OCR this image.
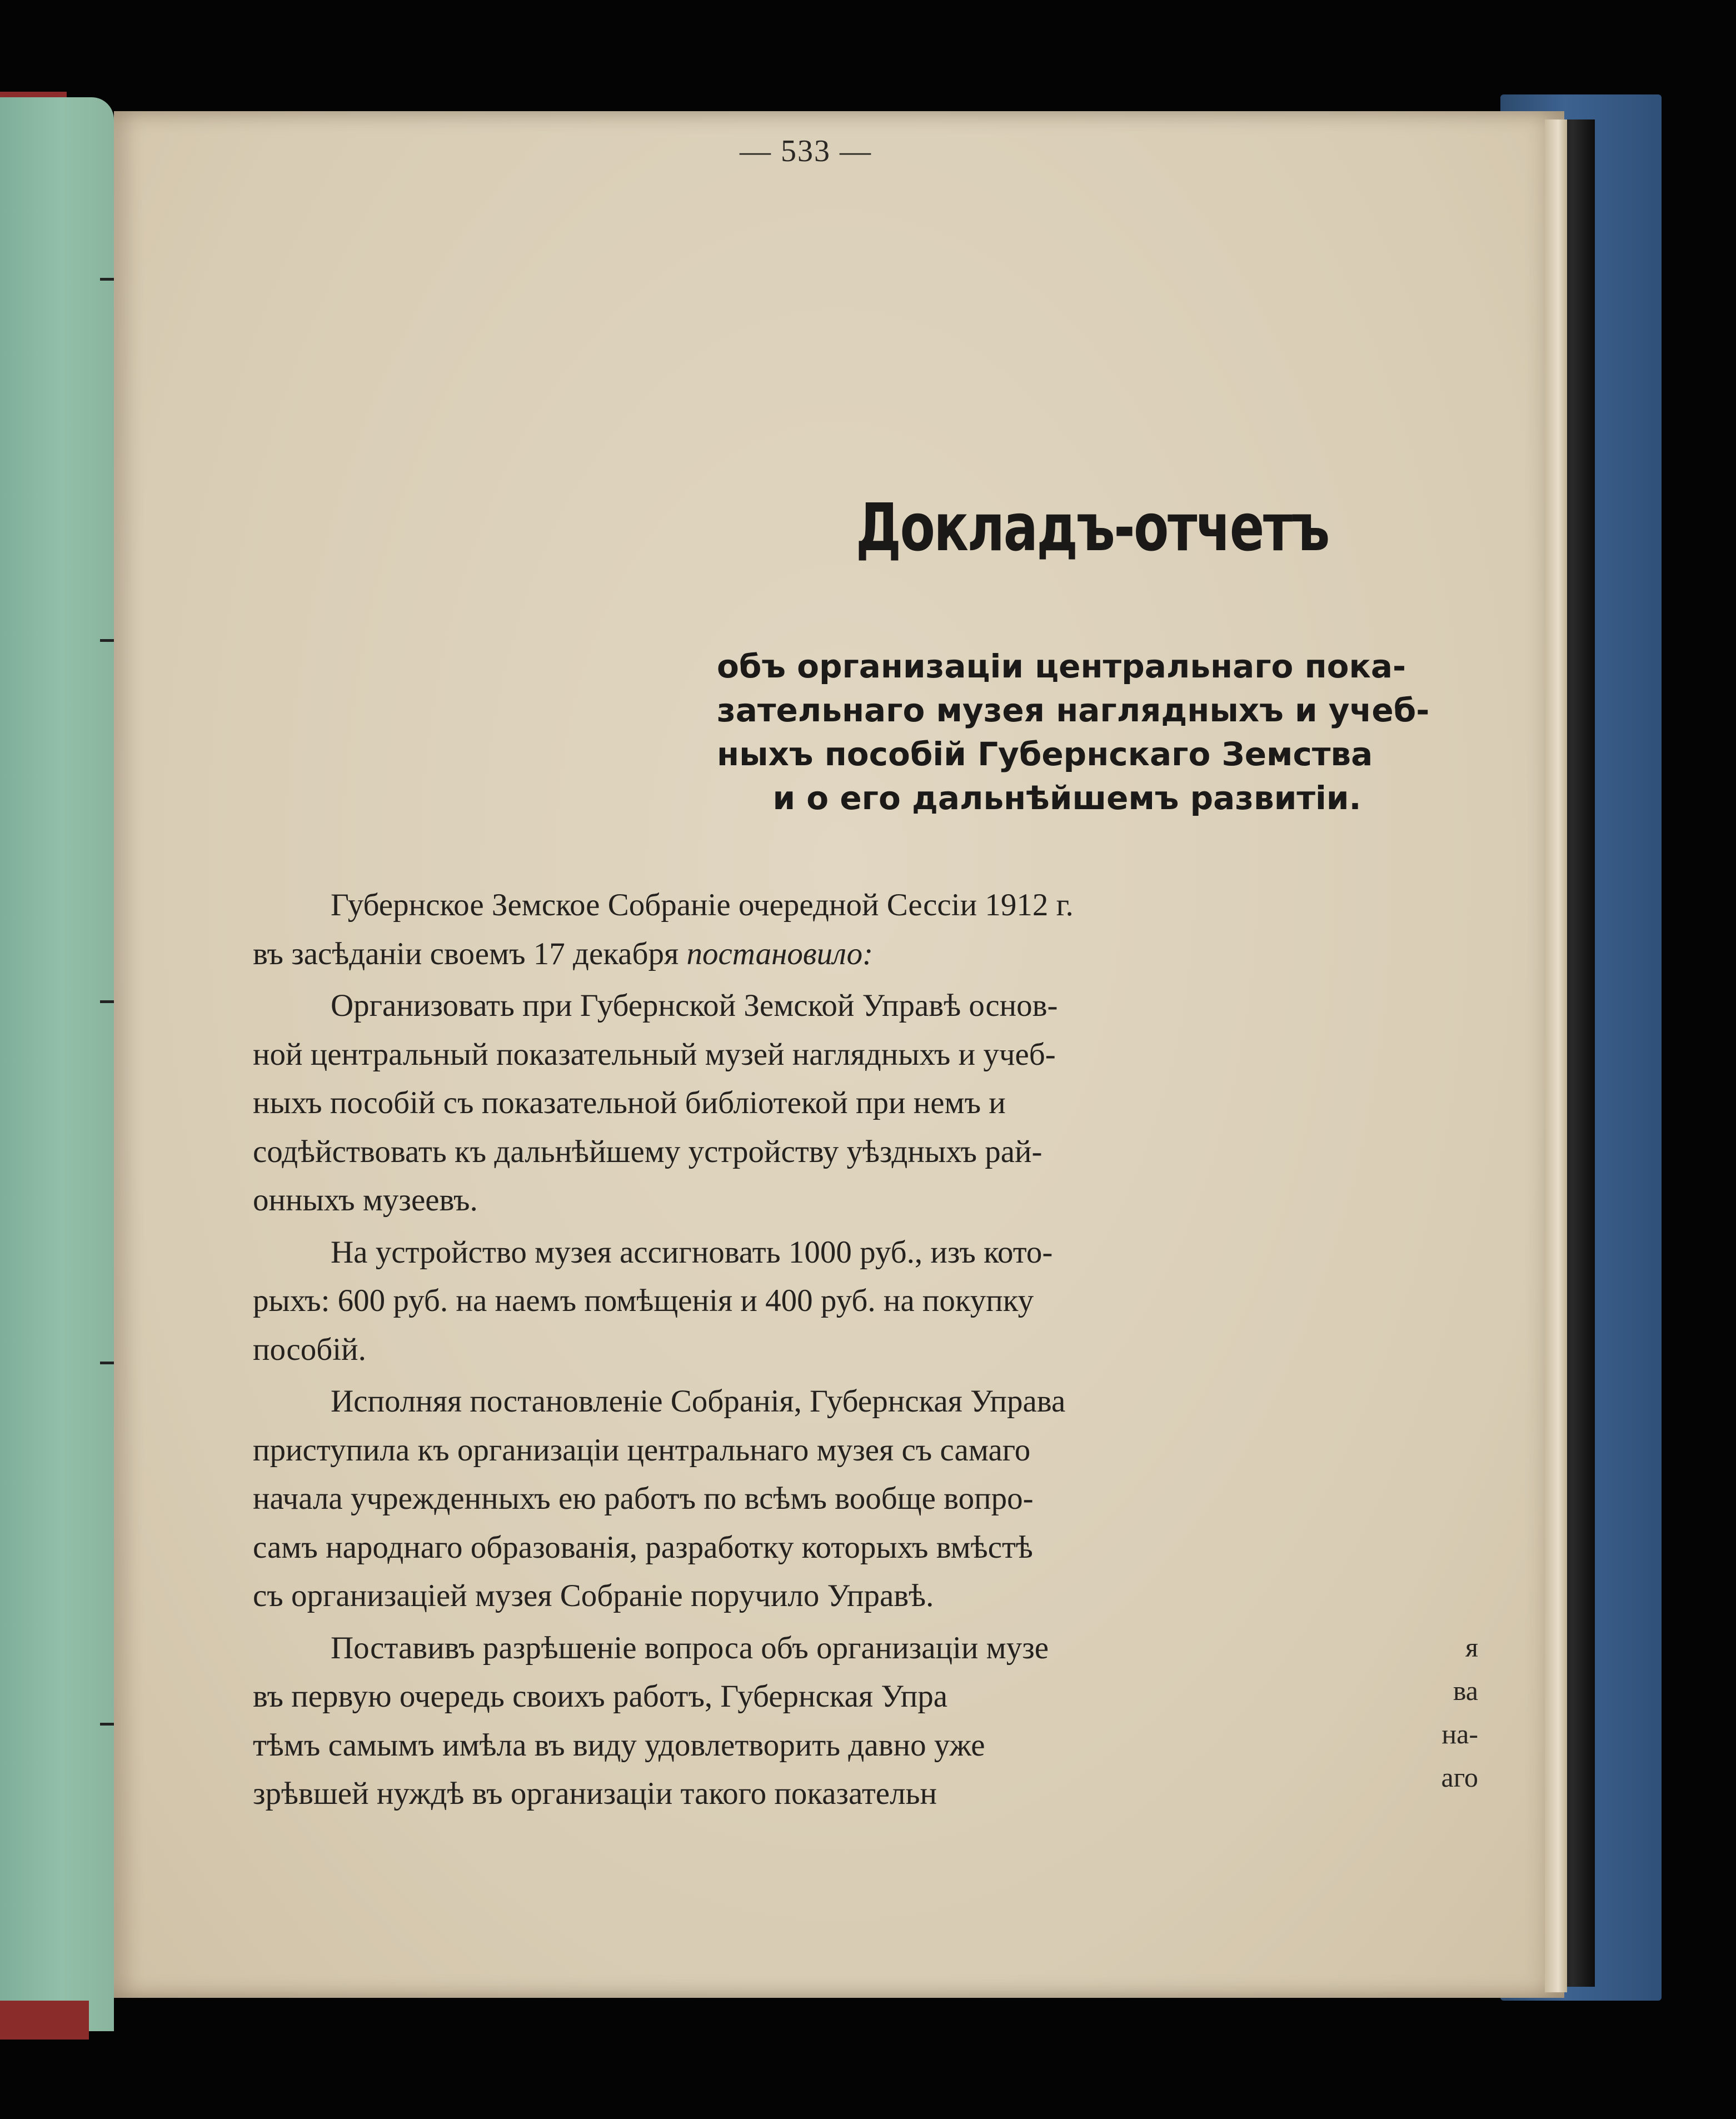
— 533 —
Докладъ-отчетъ
объ организаціи центральнаго пока-
зательнаго музея наглядныхъ и учеб-
ныхъ пособій Губернскаго Земства
и о его дальнѣйшемъ развитіи.
Губернское Земское Собраніе очередной Сессіи 1912 г.
въ засѣданіи своемъ 17 декабря постановило:
Организовать при Губернской Земской Управѣ основ-
ной центральный показательный музей наглядныхъ и учеб-
ныхъ пособій съ показательной библіотекой при немъ и
содѣйствовать къ дальнѣйшему устройству уѣздныхъ рай-
онныхъ музеевъ.
На устройство музея ассигновать 1000 руб., изъ кото-
рыхъ: 600 руб. на наемъ помѣщенія и 400 руб. на покупку
пособій.
Исполняя постановленіе Собранія, Губернская Управа
приступила къ организаціи центральнаго музея съ самаго
начала учрежденныхъ ею работъ по всѣмъ вообще вопро-
самъ народнаго образованія, разработку которыхъ вмѣстѣ
съ организаціей музея Собраніе поручило Управѣ.
Поставивъ разрѣшеніе вопроса объ организаціи музе
въ первую очередь своихъ работъ, Губернская Упра
тѣмъ самымъ имѣла въ виду удовлетворить давно уже
зрѣвшей нуждѣ въ организаціи такого показательн
я
ва
на-
аго
